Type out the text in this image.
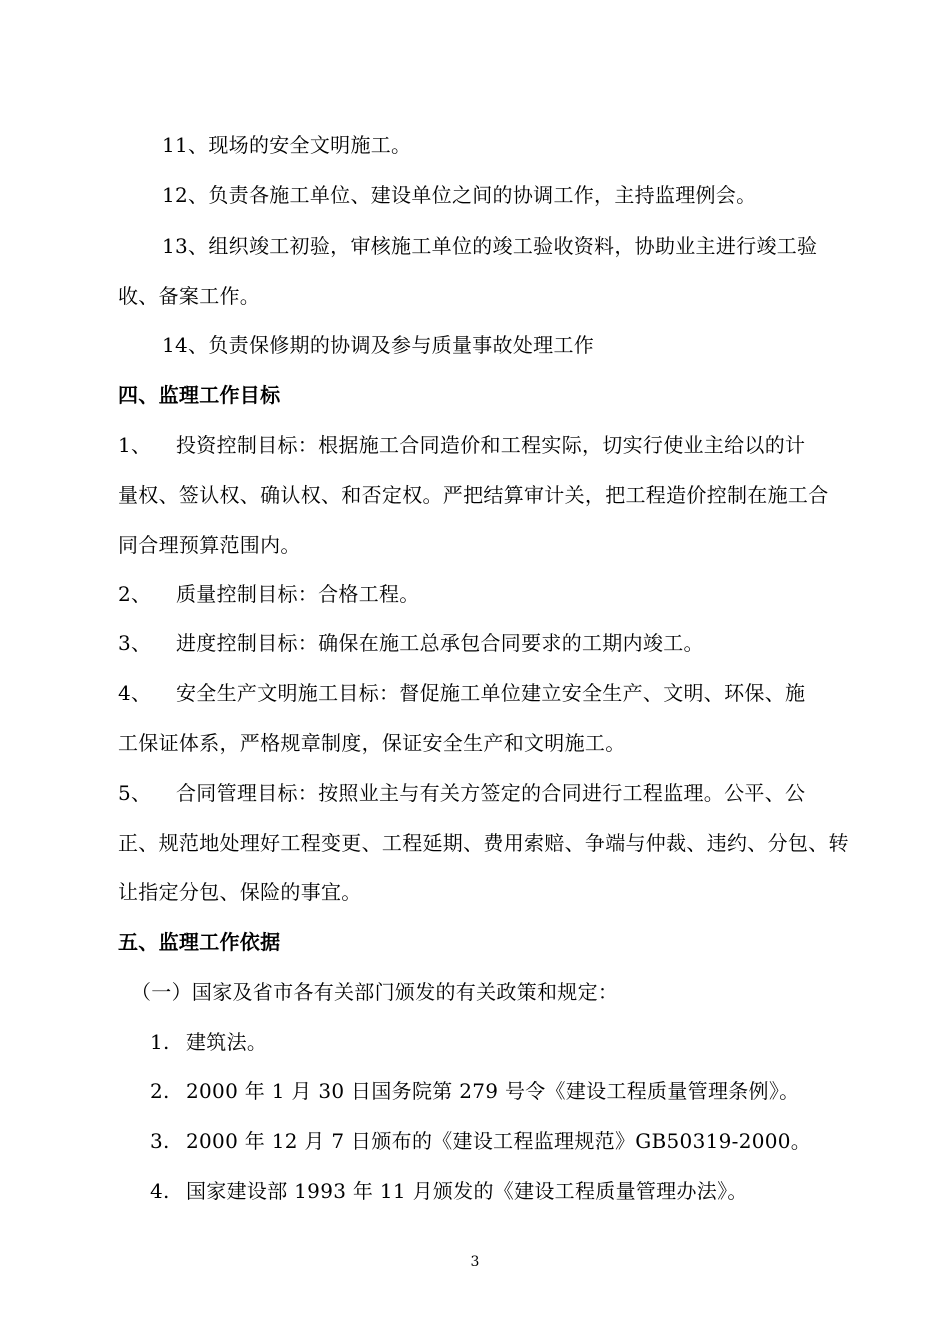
11、现场的安全文明施工。
12、负责各施工单位、建设单位之间的协调工作，主持监理例会。
13、组织竣工初验，审核施工单位的竣工验收资料，协助业主进行竣工验
收、备案工作。
14、负责保修期的协调及参与质量事故处理工作
四、监理工作目标
1、 投资控制目标：根据施工合同造价和工程实际，切实行使业主给以的计
量权、签认权、确认权、和否定权。严把结算审计关，把工程造价控制在施工合
同合理预算范围内。
2、 质量控制目标：合格工程。
3、 进度控制目标：确保在施工总承包合同要求的工期内竣工。
4、 安全生产文明施工目标：督促施工单位建立安全生产、文明、环保、施
工保证体系，严格规章制度，保证安全生产和文明施工。
5、 合同管理目标：按照业主与有关方签定的合同进行工程监理。公平、公
正、规范地处理好工程变更、工程延期、费用索赔、争端与仲裁、违约、分包、转
让指定分包、保险的事宜。
五、监理工作依据
（一）国家及省市各有关部门颁发的有关政策和规定：
1. 建筑法。
2. 2000 年 1 月 30 日国务院第 279 号令《建设工程质量管理条例》。
3. 2000 年 12 月 7 日颁布的《建设工程监理规范》GB50319-2000。
4. 国家建设部 1993 年 11 月颁发的《建设工程质量管理办法》。
3
